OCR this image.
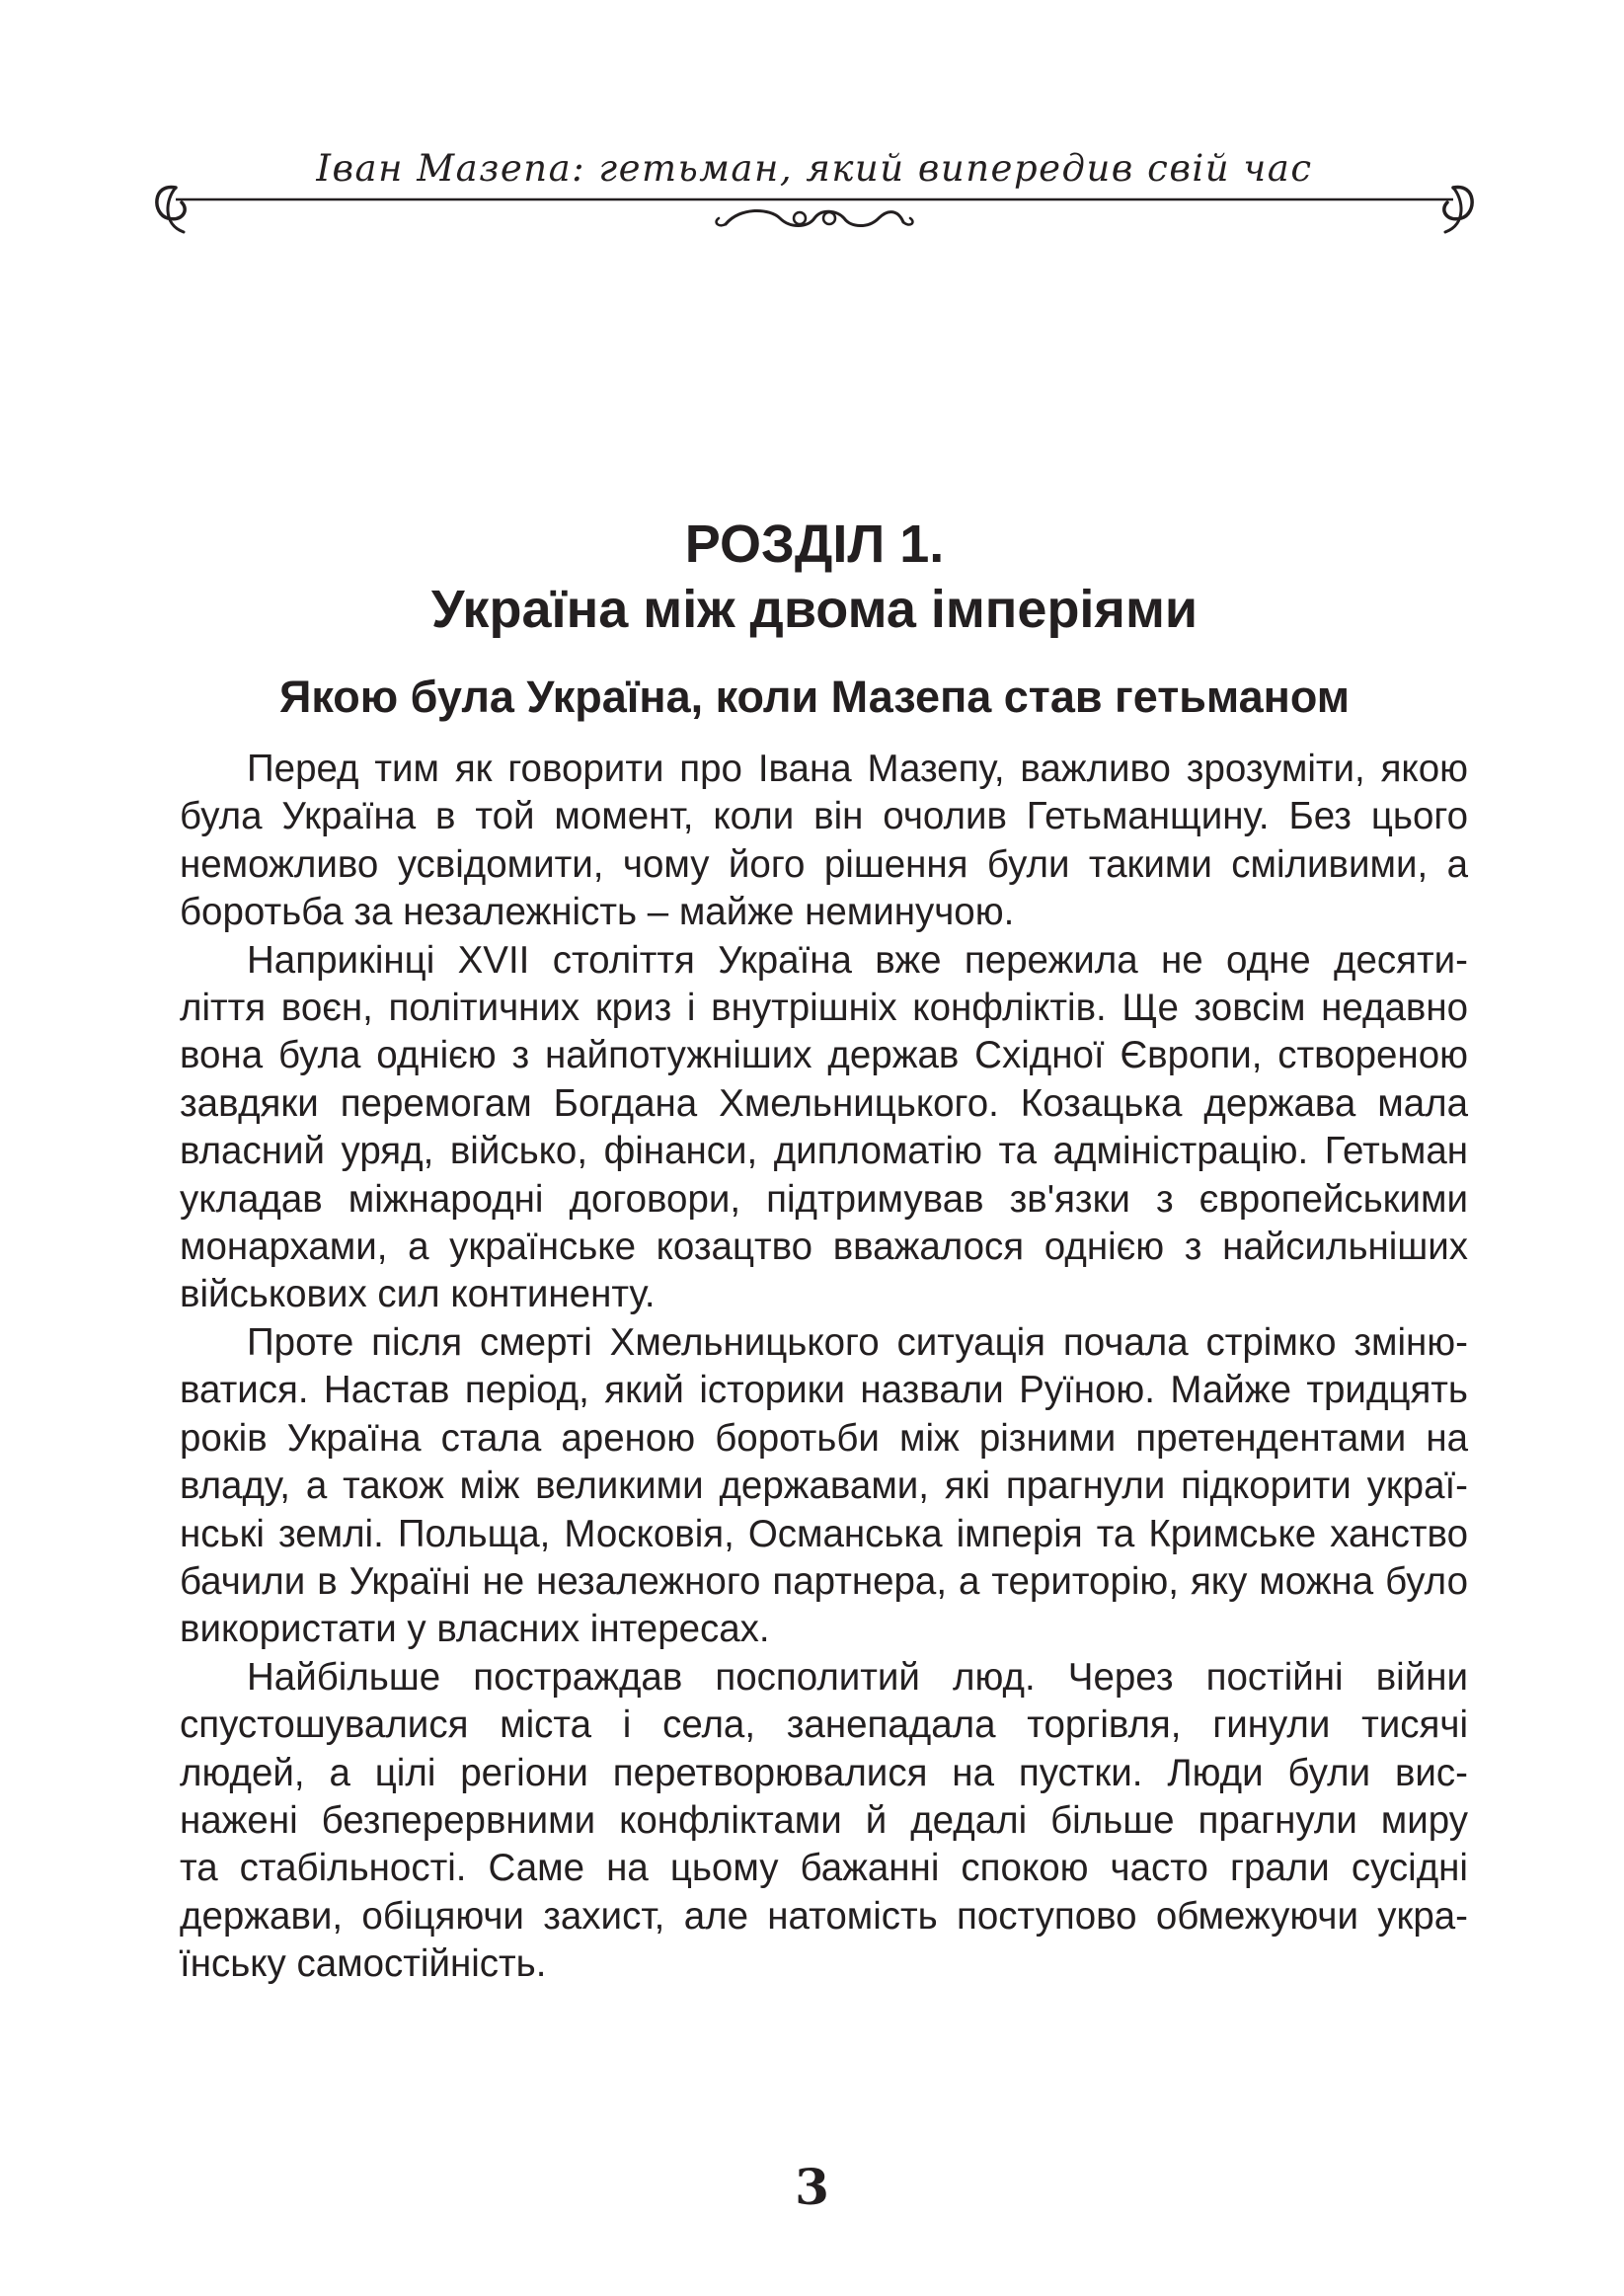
Іван Мазепа: гетьман, який випередив свій час
РОЗДІЛ 1.
Україна між двома імперіями
Якою була Україна, коли Мазепа став гетьманом
Перед тим як говорити про Івана Мазепу, важливо зрозуміти, якою
була Україна в той момент, коли він очолив Гетьманщину. Без цього
неможливо усвідомити, чому його рішення були такими сміливими, а
боротьба за незалежність – майже неминучою.
Наприкінці XVII століття Україна вже пережила не одне десяти-
ліття воєн, політичних криз і внутрішніх конфліктів. Ще зовсім недавно
вона була однією з найпотужніших держав Східної Європи, створеною
завдяки перемогам Богдана Хмельницького. Козацька держава мала
власний уряд, військо, фінанси, дипломатію та адміністрацію. Гетьман
укладав міжнародні договори, підтримував зв'язки з європейськими
монархами, а українське козацтво вважалося однією з найсильніших
військових сил континенту.
Проте після смерті Хмельницького ситуація почала стрімко зміню-
ватися. Настав період, який історики назвали Руїною. Майже тридцять
років Україна стала ареною боротьби між різними претендентами на
владу, а також між великими державами, які прагнули підкорити украї-
нські землі. Польща, Московія, Османська імперія та Кримське ханство
бачили в Україні не незалежного партнера, а територію, яку можна було
використати у власних інтересах.
Найбільше постраждав посполитий люд. Через постійні війни
спустошувалися міста і села, занепадала торгівля, гинули тисячі
людей, а цілі регіони перетворювалися на пустки. Люди були вис-
нажені безперервними конфліктами й дедалі більше прагнули миру
та стабільності. Саме на цьому бажанні спокою часто грали сусідні
держави, обіцяючи захист, але натомість поступово обмежуючи укра-
їнську самостійність.
3
